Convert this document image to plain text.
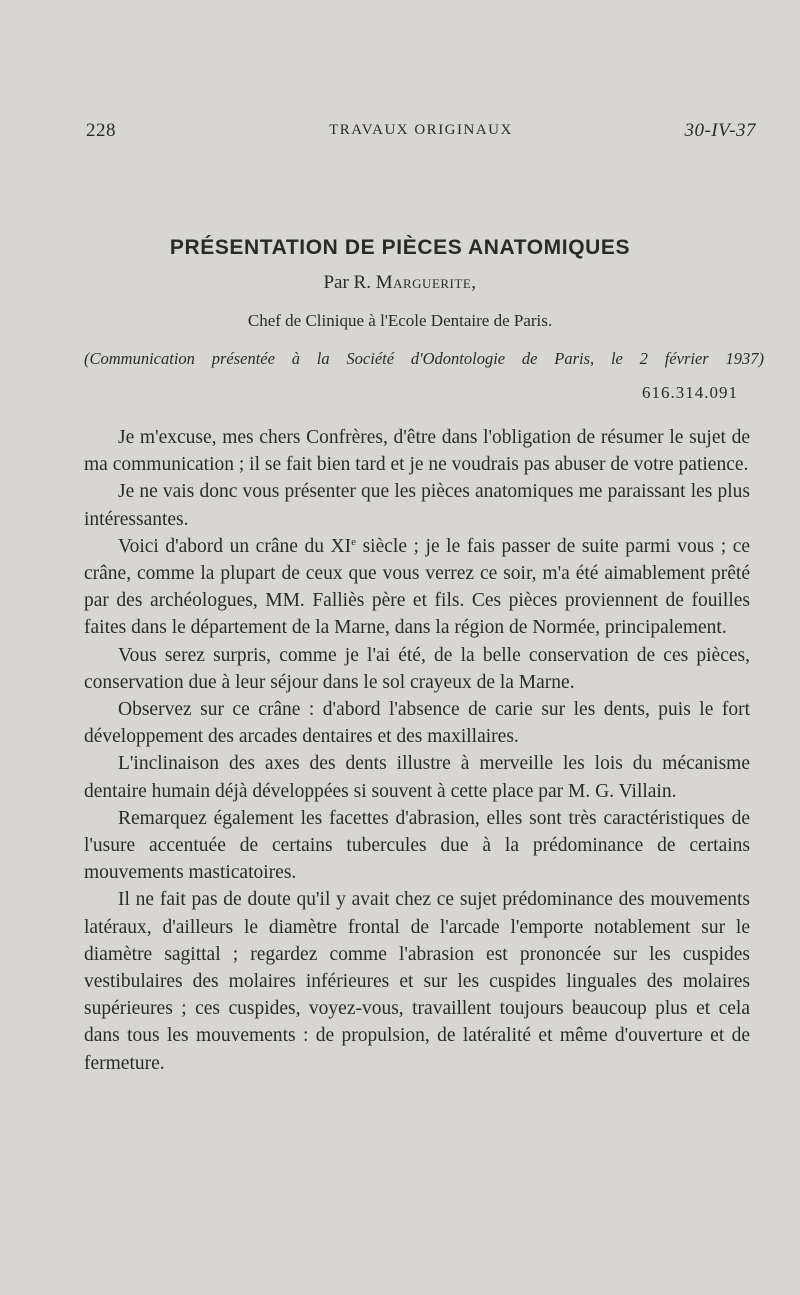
228	TRAVAUX ORIGINAUX	30-IV-37
PRÉSENTATION DE PIÈCES ANATOMIQUES
Par R. Marguerite,
Chef de Clinique à l'Ecole Dentaire de Paris.
(Communication présentée à la Société d'Odontologie de Paris, le 2 février 1937)
616.314.091

Je m'excuse, mes chers Confrères, d'être dans l'obligation de résumer le sujet de ma communication ; il se fait bien tard et je ne voudrais pas abuser de votre patience.

Je ne vais donc vous présenter que les pièces anatomiques me paraissant les plus intéressantes.

Voici d'abord un crâne du XIe siècle ; je le fais passer de suite parmi vous ; ce crâne, comme la plupart de ceux que vous verrez ce soir, m'a été aimablement prêté par des archéologues, MM. Falliès père et fils. Ces pièces proviennent de fouilles faites dans le département de la Marne, dans la région de Normée, principalement.

Vous serez surpris, comme je l'ai été, de la belle conservation de ces pièces, conservation due à leur séjour dans le sol crayeux de la Marne.

Observez sur ce crâne : d'abord l'absence de carie sur les dents, puis le fort développement des arcades dentaires et des maxillaires.

L'inclinaison des axes des dents illustre à merveille les lois du mécanisme dentaire humain déjà développées si souvent à cette place par M. G. Villain.

Remarquez également les facettes d'abrasion, elles sont très caractéristiques de l'usure accentuée de certains tubercules due à la prédominance de certains mouvements masticatoires.

Il ne fait pas de doute qu'il y avait chez ce sujet prédominance des mouvements latéraux, d'ailleurs le diamètre frontal de l'arcade l'emporte notablement sur le diamètre sagittal ; regardez comme l'abrasion est prononcée sur les cuspides vestibulaires des molaires inférieures et sur les cuspides linguales des molaires supérieures ; ces cuspides, voyez-vous, travaillent toujours beaucoup plus et cela dans tous les mouvements : de propulsion, de latéralité et même d'ouverture et de fermeture.
